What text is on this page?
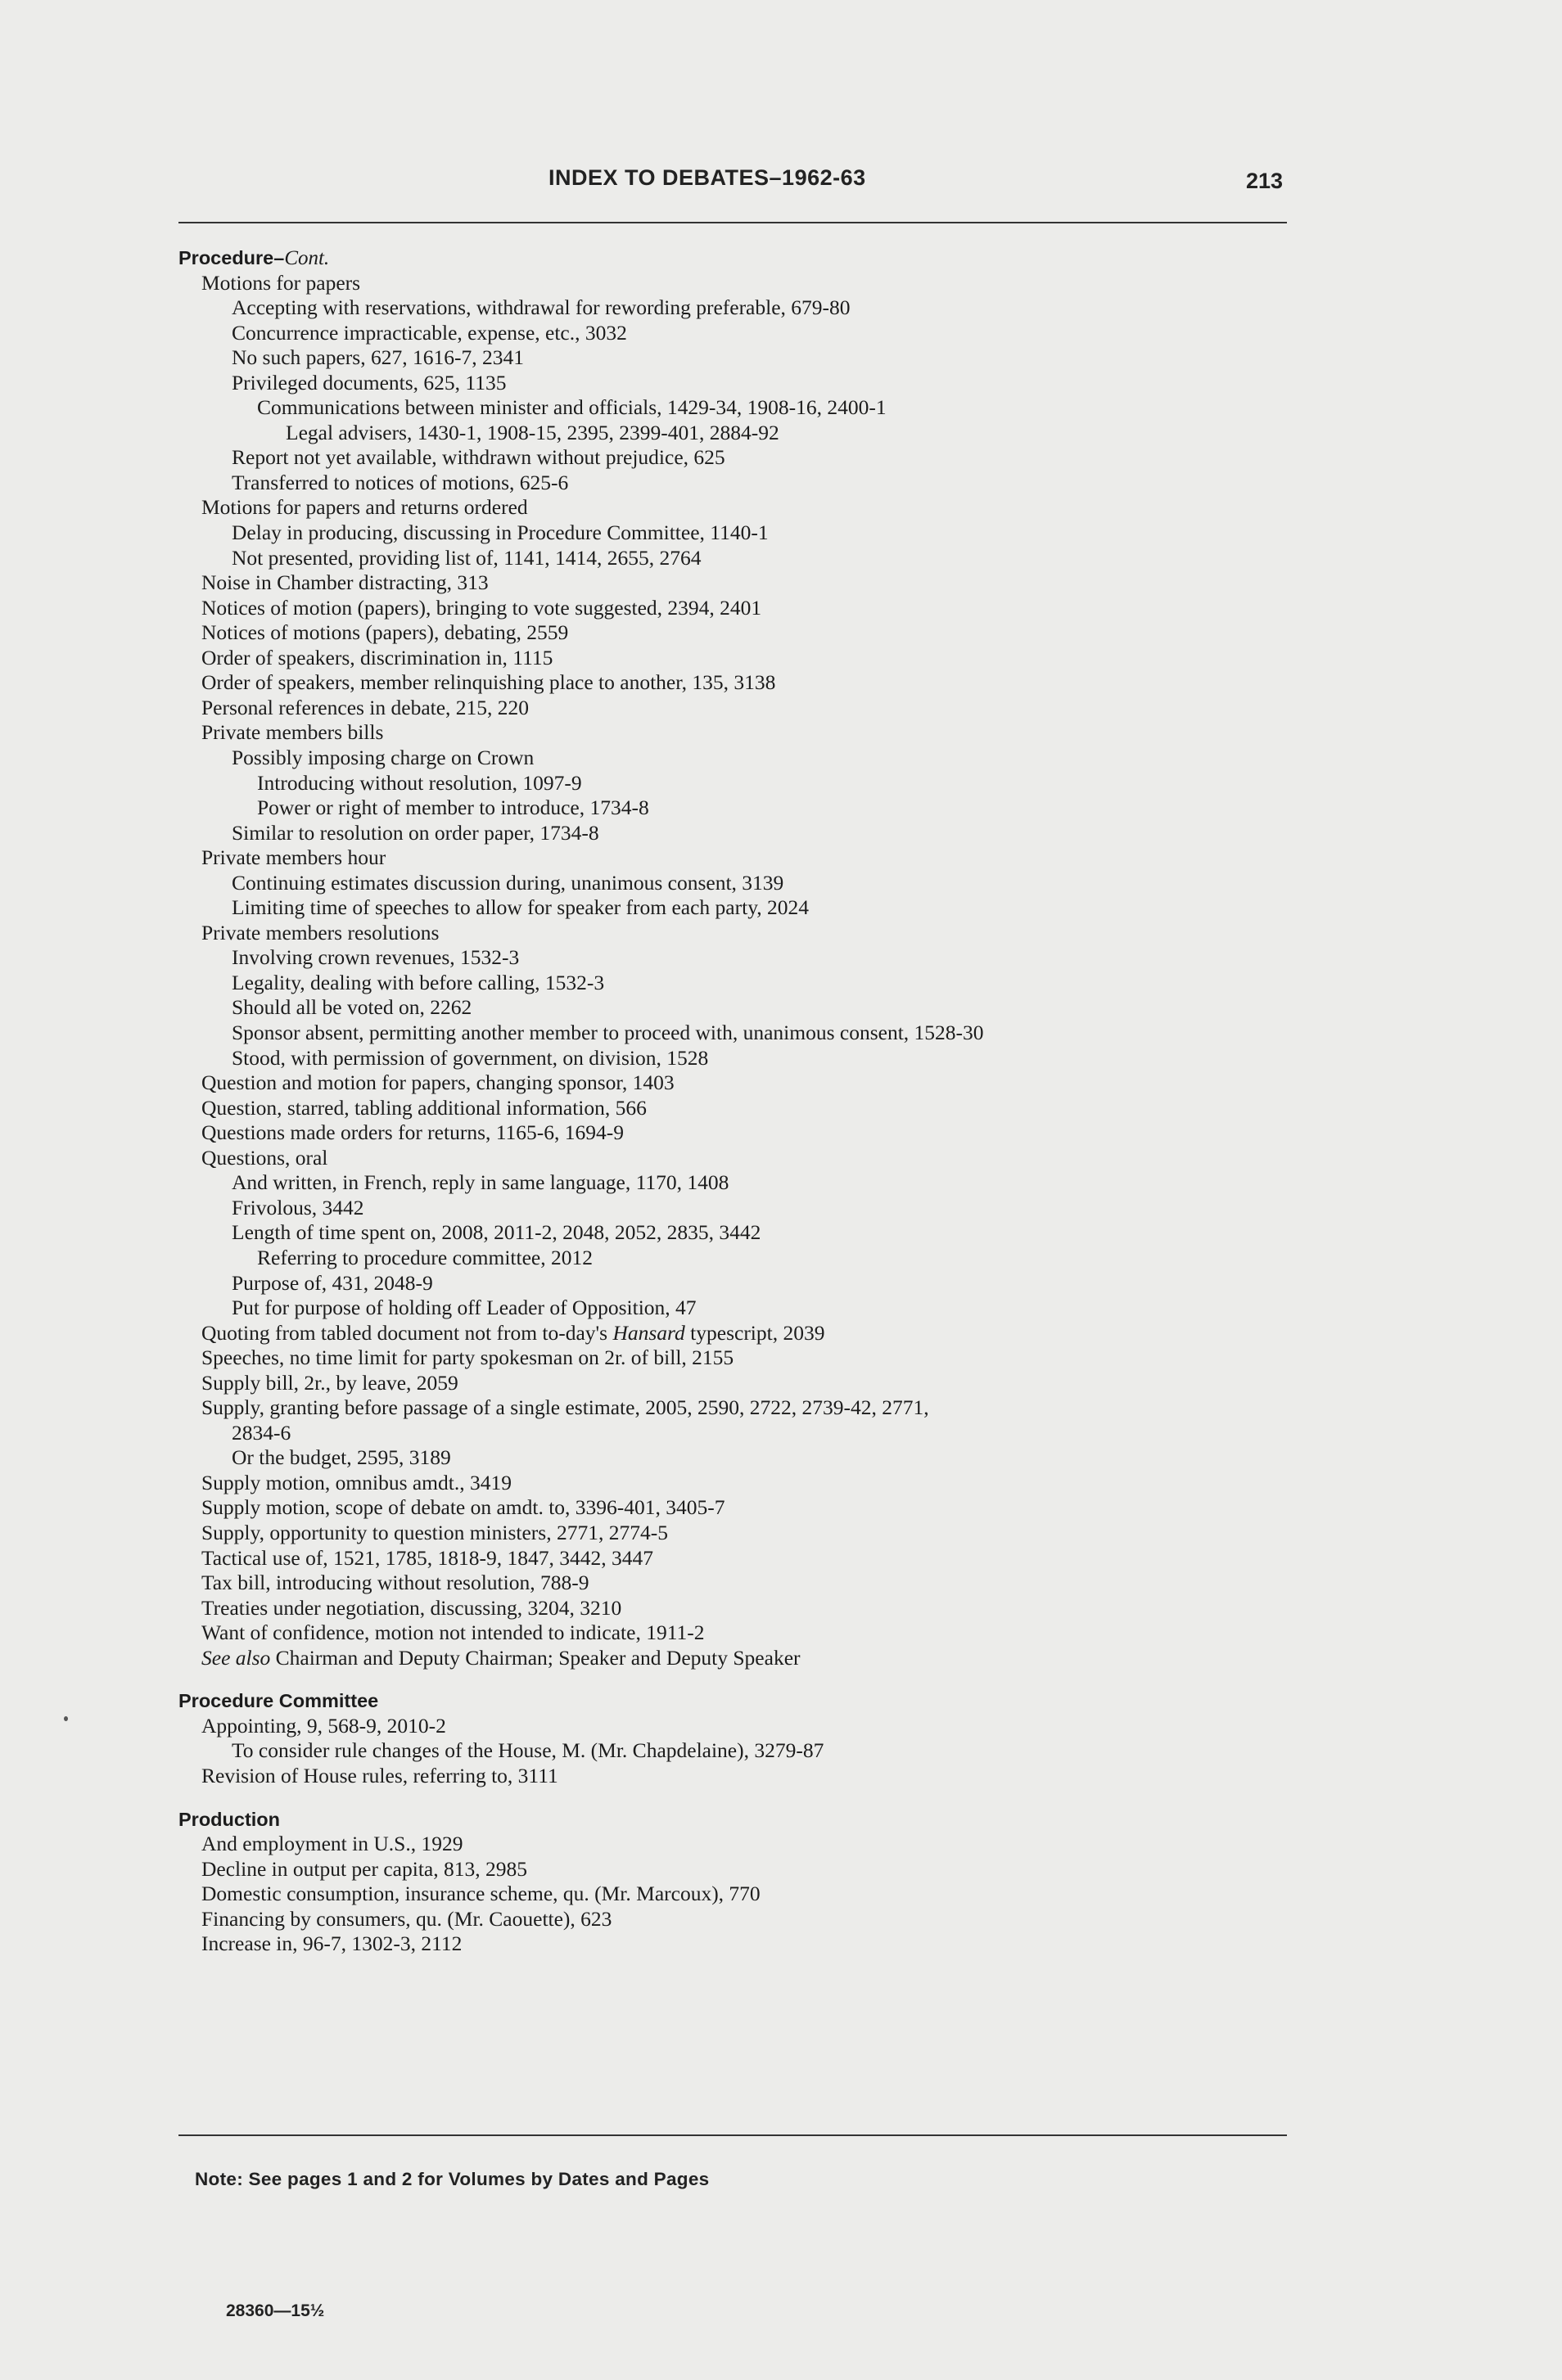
INDEX TO DEBATES–1962-63	213
Procedure–Cont.
Motions for papers
Accepting with reservations, withdrawal for rewording preferable, 679-80
Concurrence impracticable, expense, etc., 3032
No such papers, 627, 1616-7, 2341
Privileged documents, 625, 1135
Communications between minister and officials, 1429-34, 1908-16, 2400-1
Legal advisers, 1430-1, 1908-15, 2395, 2399-401, 2884-92
Report not yet available, withdrawn without prejudice, 625
Transferred to notices of motions, 625-6
Motions for papers and returns ordered
Delay in producing, discussing in Procedure Committee, 1140-1
Not presented, providing list of, 1141, 1414, 2655, 2764
Noise in Chamber distracting, 313
Notices of motion (papers), bringing to vote suggested, 2394, 2401
Notices of motions (papers), debating, 2559
Order of speakers, discrimination in, 1115
Order of speakers, member relinquishing place to another, 135, 3138
Personal references in debate, 215, 220
Private members bills
Possibly imposing charge on Crown
Introducing without resolution, 1097-9
Power or right of member to introduce, 1734-8
Similar to resolution on order paper, 1734-8
Private members hour
Continuing estimates discussion during, unanimous consent, 3139
Limiting time of speeches to allow for speaker from each party, 2024
Private members resolutions
Involving crown revenues, 1532-3
Legality, dealing with before calling, 1532-3
Should all be voted on, 2262
Sponsor absent, permitting another member to proceed with, unanimous consent, 1528-30
Stood, with permission of government, on division, 1528
Question and motion for papers, changing sponsor, 1403
Question, starred, tabling additional information, 566
Questions made orders for returns, 1165-6, 1694-9
Questions, oral
And written, in French, reply in same language, 1170, 1408
Frivolous, 3442
Length of time spent on, 2008, 2011-2, 2048, 2052, 2835, 3442
Referring to procedure committee, 2012
Purpose of, 431, 2048-9
Put for purpose of holding off Leader of Opposition, 47
Quoting from tabled document not from to-day's Hansard typescript, 2039
Speeches, no time limit for party spokesman on 2r. of bill, 2155
Supply bill, 2r., by leave, 2059
Supply, granting before passage of a single estimate, 2005, 2590, 2722, 2739-42, 2771,
2834-6
Or the budget, 2595, 3189
Supply motion, omnibus amdt., 3419
Supply motion, scope of debate on amdt. to, 3396-401, 3405-7
Supply, opportunity to question ministers, 2771, 2774-5
Tactical use of, 1521, 1785, 1818-9, 1847, 3442, 3447
Tax bill, introducing without resolution, 788-9
Treaties under negotiation, discussing, 3204, 3210
Want of confidence, motion not intended to indicate, 1911-2
See also Chairman and Deputy Chairman; Speaker and Deputy Speaker
Procedure Committee
Appointing, 9, 568-9, 2010-2
To consider rule changes of the House, M. (Mr. Chapdelaine), 3279-87
Revision of House rules, referring to, 3111
Production
And employment in U.S., 1929
Decline in output per capita, 813, 2985
Domestic consumption, insurance scheme, qu. (Mr. Marcoux), 770
Financing by consumers, qu. (Mr. Caouette), 623
Increase in, 96-7, 1302-3, 2112
Note: See pages 1 and 2 for Volumes by Dates and Pages
28360—15½
